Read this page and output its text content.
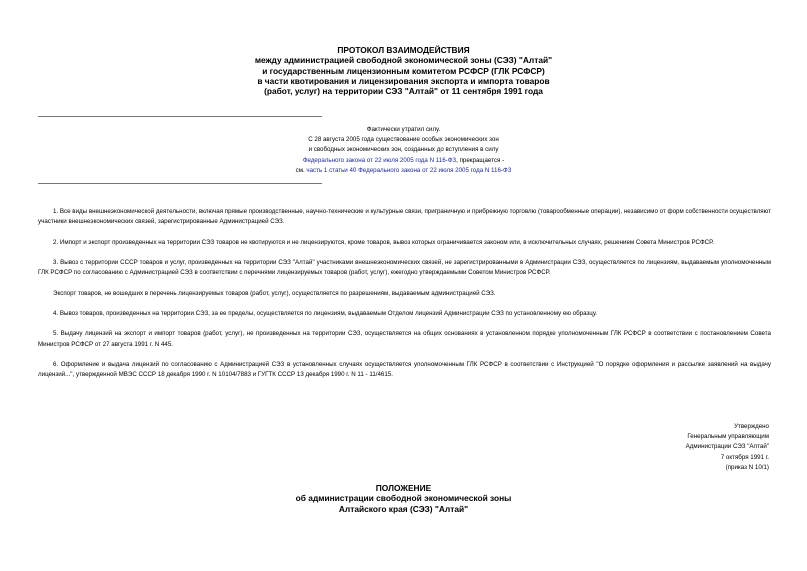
ПРОТОКОЛ ВЗАИМОДЕЙСТВИЯ
между администрацией свободной экономической зоны (СЭЗ) "Алтай"
и государственным лицензионным комитетом РСФСР (ГЛК РСФСР)
в части квотирования и лицензирования экспорта и импорта товаров
(работ, услуг) на территории СЭЗ "Алтай" от 11 сентября 1991 года
Фактически утратил силу.
С 28 августа 2005 года существование особых экономических зон
и свободных экономических зон, созданных до вступления в силу
Федерального закона от 22 июля 2005 года N 116-ФЗ, прекращается -
см. часть 1 статьи 40 Федерального закона от 22 июля 2005 года N 116-ФЗ

1. Все виды внешнеэкономической деятельности, включая прямые производственные, научно-технические и культурные связи, приграничную и прибрежную торговлю (товарообменные операции), независимо от форм собственности осуществляют участники внешнеэкономических связей, зарегистрированные Администрацией СЭЗ.

2. Импорт и экспорт произведенных на территории СЭЗ товаров не квотируются и не лицензируются, кроме товаров, вывоз которых ограничивается законом или, в исключительных случаях, решением Совета Министров РСФСР.

3. Вывоз с территории СССР товаров и услуг, произведенных на территории СЭЗ "Алтай" участниками внешнеэкономических связей, не зарегистрированными в Администрации СЭЗ, осуществляется по лицензиям, выдаваемым уполномоченным ГЛК РСФСР по согласованию с Администрацией СЭЗ в соответствии с перечнями лицензируемых товаров (работ, услуг), ежегодно утверждаемыми Советом Министров РСФСР.

Экспорт товаров, не вошедших в перечень лицензируемых товаров (работ, услуг), осуществляется по разрешениям, выдаваемым администрацией СЭЗ.

4. Вывоз товаров, произведенных на территории СЭЗ, за ее пределы, осуществляется по лицензиям, выдаваемым Отделом лицензий Администрации СЭЗ по установленному ею образцу.

5. Выдачу лицензий на экспорт и импорт товаров (работ, услуг), не произведенных на территории СЭЗ, осуществляется на общих основаниях в установленном порядке уполномоченным ГЛК РСФСР в соответствии с постановлением Совета Министров РСФСР от 27 августа 1991 г. N 445.

6. Оформление и выдача лицензий по согласованию с Администрацией СЭЗ в установленных случаях осуществляется уполномоченным ГЛК РСФСР в соответствии с Инструкцией "О порядке оформления и рассылке заявлений на выдачу лицензий...", утвержденной МВЭС СССР 18 декабря 1990 г. N 10104/7883 и ГУГТК СССР 13 декабря 1990 г. N 11 - 11/4615.

Утверждено
Генеральным управляющим
Администрации СЭЗ "Алтай"
7 октября 1991 г.
(приказ N 10/1)
ПОЛОЖЕНИЕ
об администрации свободной экономической зоны
Алтайского края (СЭЗ) "Алтай"
